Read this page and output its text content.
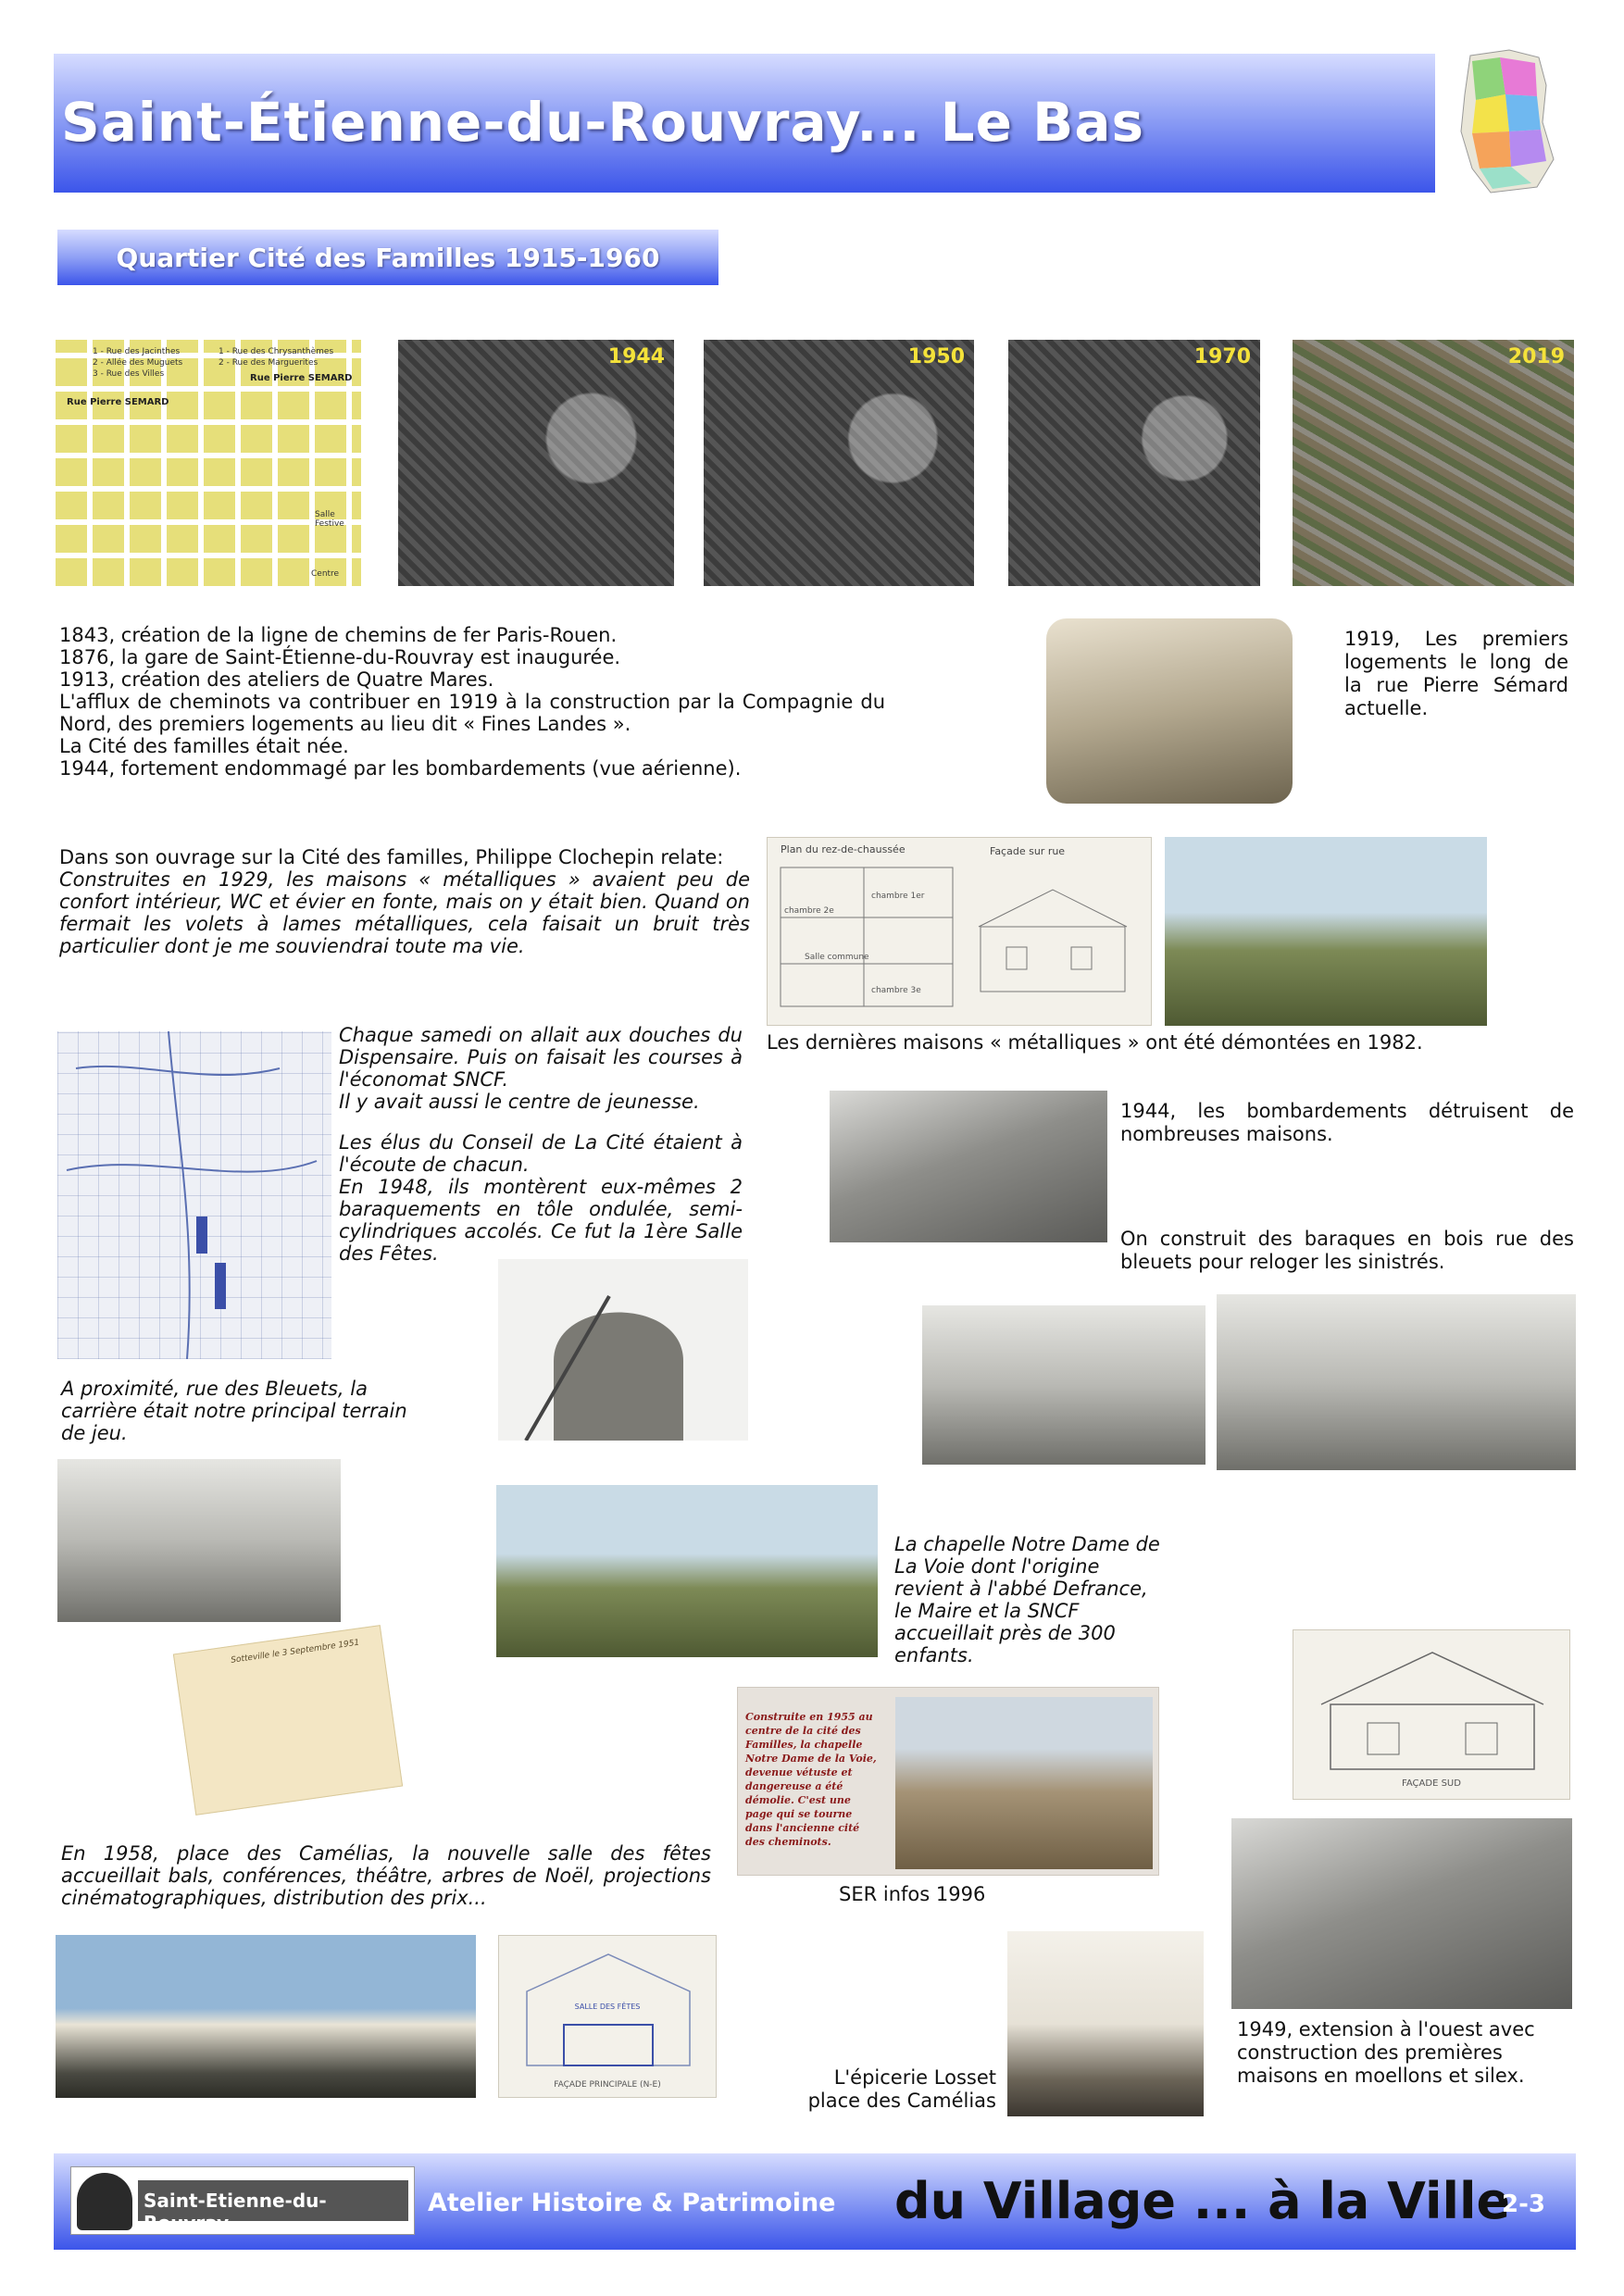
Saint-Étienne-du-Rouvray... Le Bas
Quartier Cité des Familles 1915-1960
1 - Rue des Jacinthes
2 - Allée des Muguets
3 - Rue des Villes
1 - Rue des Chrysanthèmes
2 - Rue des Marguerites
Rue Pierre SEMARD
Rue Pierre SEMARD
Salle Festive
Centre
1944	1950	1970	2019
1843, création de la ligne de chemins de fer Paris-Rouen.
1876, la gare de Saint-Étienne-du-Rouvray est inaugurée.
1913, création des ateliers de Quatre Mares.
L'afflux de cheminots va contribuer en 1919 à la construction par la Compagnie du Nord, des premiers logements au lieu dit « Fines Landes ».
La Cité des familles était née.
1944, fortement endommagé par les bombardements (vue aérienne).
1919, Les premiers logements le long de la rue Pierre Sémard actuelle.
Dans son ouvrage sur la Cité des familles, Philippe Clochepin relate:
Construites en 1929, les maisons « métalliques » avaient peu de confort intérieur, WC et évier en fonte, mais on y était bien. Quand on fermait les volets à lames métalliques, cela faisait un bruit très particulier dont je me souviendrai toute ma vie.
Plan du rez-de-chaussée	Façade sur rue
chambre 2e
chambre 1er
Salle commune
chambre 3e
Les dernières maisons « métalliques » ont été démontées en 1982.
Chaque samedi on allait aux douches du Dispensaire. Puis on faisait les courses à l'économat SNCF.
Il y avait aussi le centre de jeunesse.
Les élus du Conseil de La Cité étaient à l'écoute de chacun.
En 1948, ils montèrent eux-mêmes 2 baraquements en tôle ondulée, semi-cylindriques accolés. Ce fut la 1ère Salle des Fêtes.
1944, les bombardements détruisent de nombreuses maisons.
On construit des baraques en bois rue des bleuets pour reloger les sinistrés.
A proximité, rue des Bleuets, la carrière était notre principal terrain de jeu.
La chapelle Notre Dame de La Voie dont l'origine revient à l'abbé Defrance, le Maire et la SNCF accueillait près de 300 enfants.
Sotteville le 3 Septembre 1951
Construite en 1955 au centre de la cité des Familles, la chapelle Notre Dame de la Voie, devenue vétuste et dangereuse a été démolie. C'est une page qui se tourne dans l'ancienne cité des cheminots.
SER infos 1996
FAÇADE SUD
En 1958, place des Camélias, la nouvelle salle des fêtes accueillait bals, conférences, théâtre, arbres de Noël, projections cinématographiques, distribution des prix...
SALLE DES FÊTES
FAÇADE PRINCIPALE (N-E)	L'épicerie Losset place des Camélias
1949, extension à l'ouest avec construction des premières maisons en moellons et silex.
Saint-Etienne-du-Rouvray
Atelier Histoire & Patrimoine du Village ... à la Ville
2-3
